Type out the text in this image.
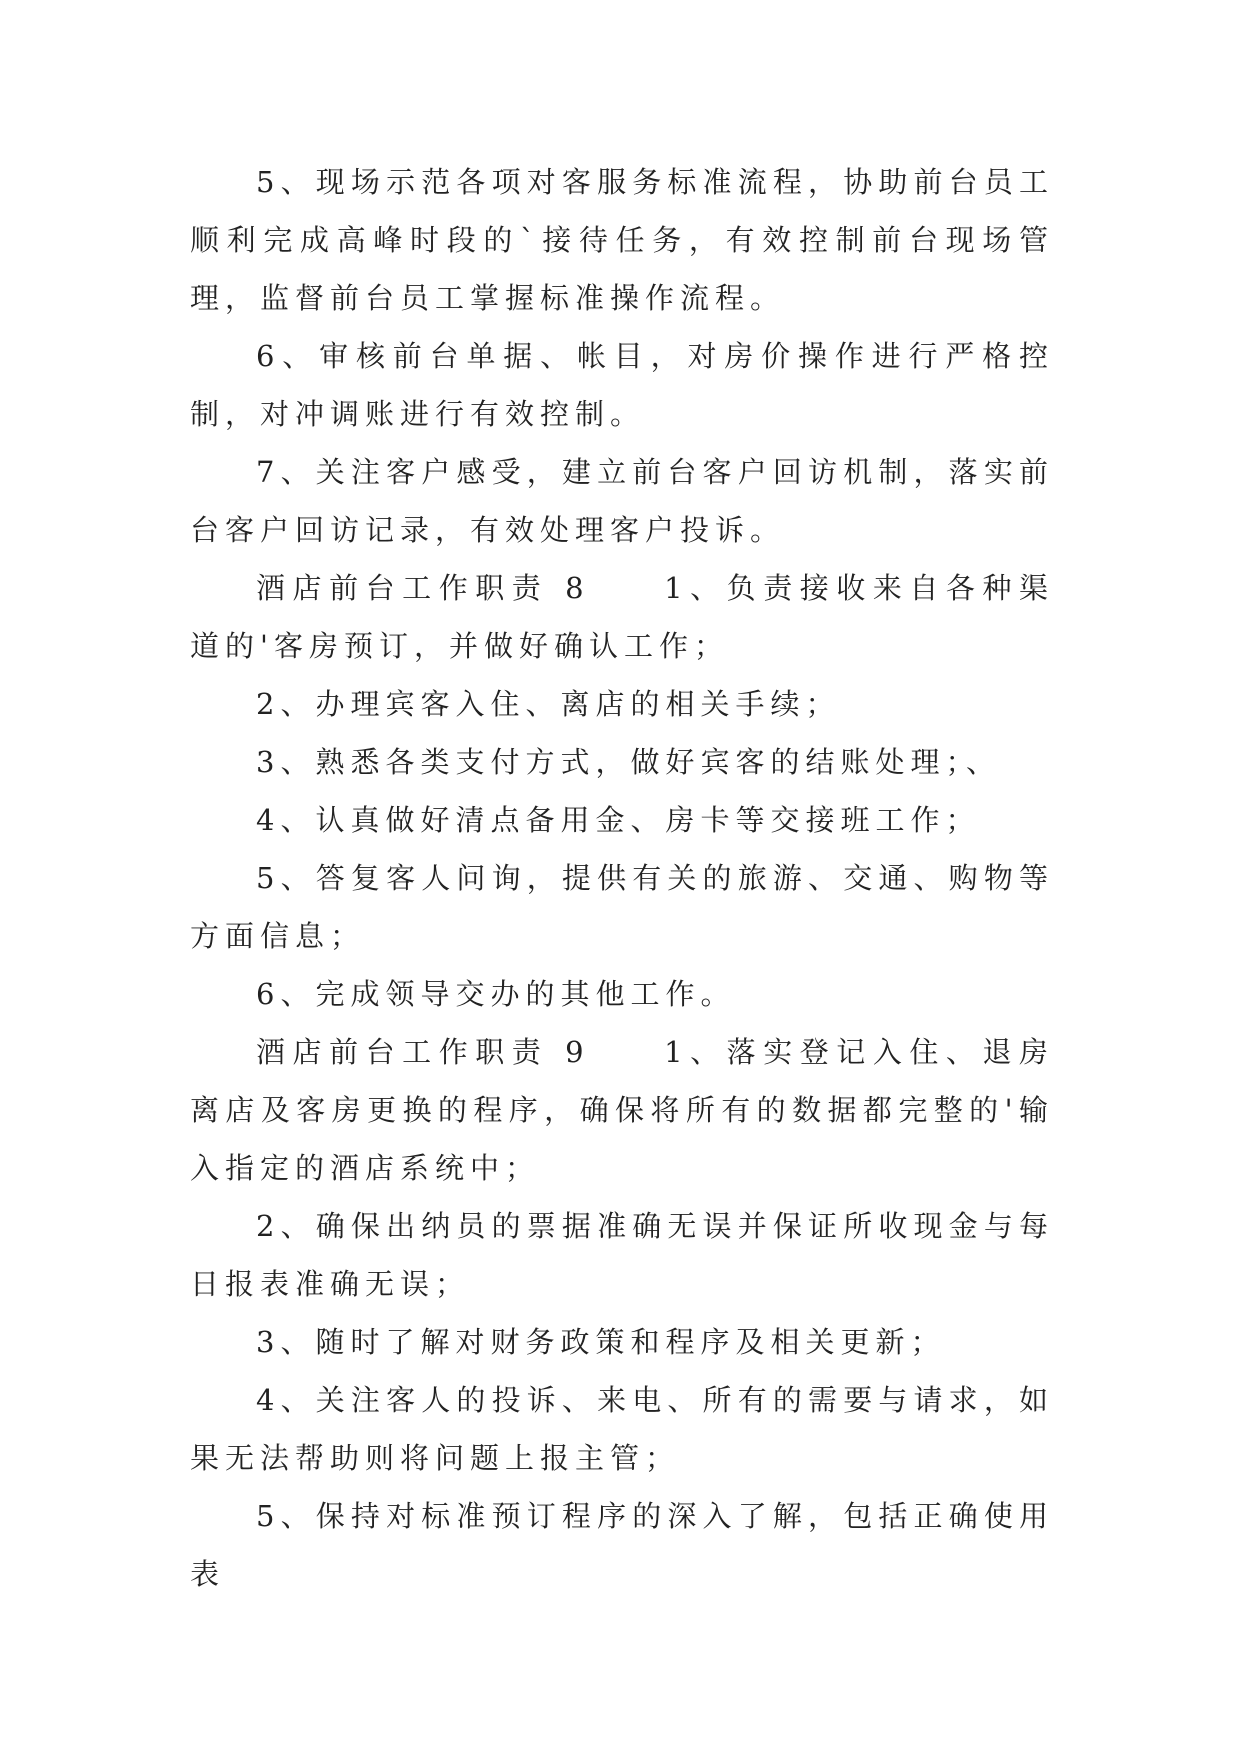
5、现场示范各项对客服务标准流程，协助前台员工顺利完成高峰时段的`接待任务，有效控制前台现场管理，监督前台员工掌握标准操作流程。

6、审核前台单据、帐目，对房价操作进行严格控制，对冲调账进行有效控制。

7、关注客户感受，建立前台客户回访机制，落实前台客户回访记录，有效处理客户投诉。

酒店前台工作职责 8　　1、负责接收来自各种渠道的'客房预订，并做好确认工作；

2、办理宾客入住、离店的相关手续；

3、熟悉各类支付方式，做好宾客的结账处理；、

4、认真做好清点备用金、房卡等交接班工作；

5、答复客人问询，提供有关的旅游、交通、购物等方面信息；

6、完成领导交办的其他工作。

酒店前台工作职责 9　　1、落实登记入住、退房离店及客房更换的程序，确保将所有的数据都完整的'输入指定的酒店系统中；

2、确保出纳员的票据准确无误并保证所收现金与每日报表准确无误；

3、随时了解对财务政策和程序及相关更新；

4、关注客人的投诉、来电、所有的需要与请求，如果无法帮助则将问题上报主管；

5、保持对标准预订程序的深入了解，包括正确使用表
